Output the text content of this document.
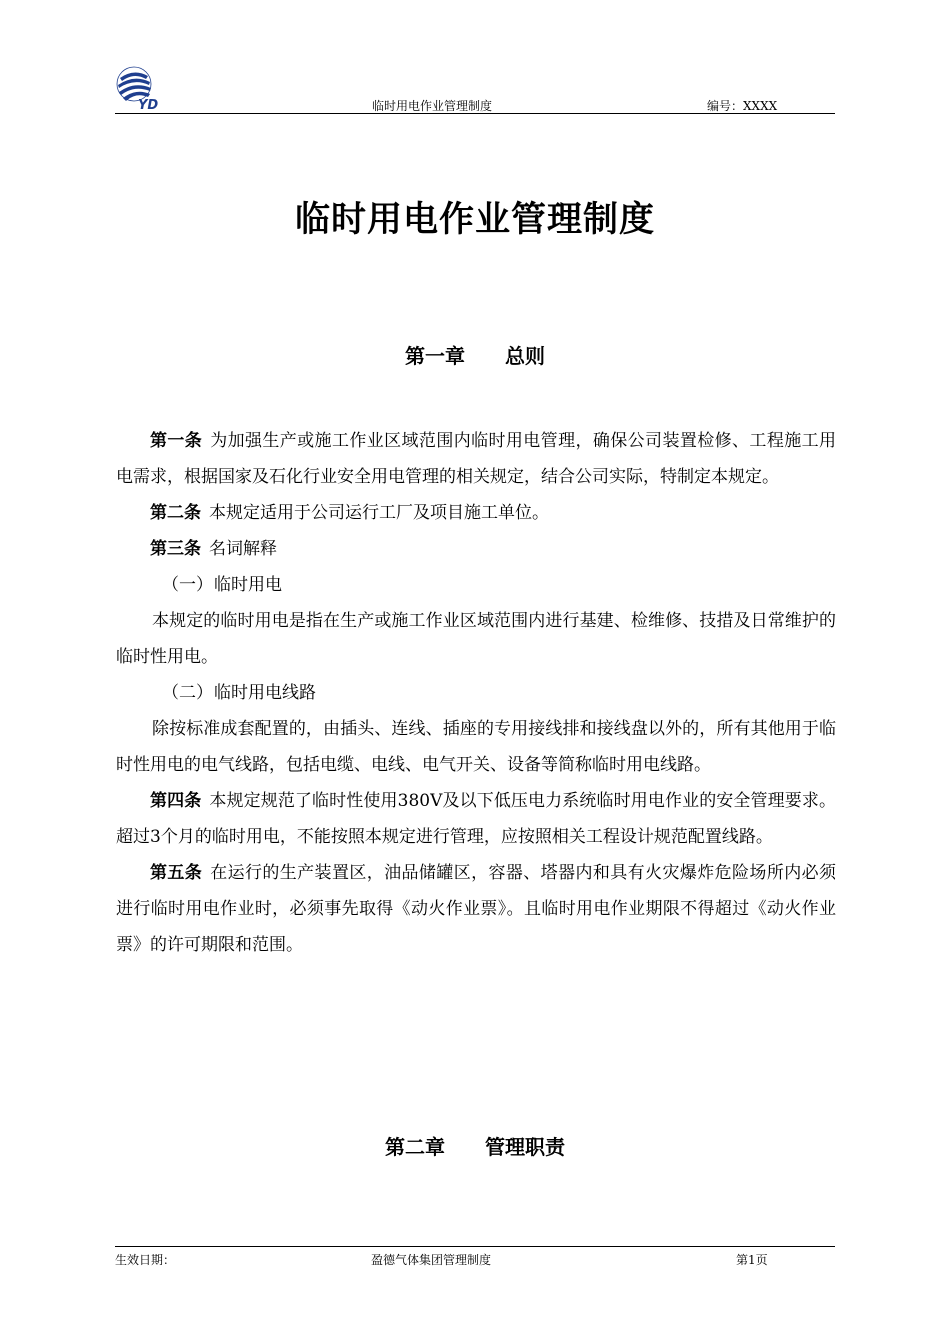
YD	临时用电作业管理制度	编号：XXXX
临时用电作业管理制度
第一章 总则

第一条 为加强生产或施工作业区域范围内临时用电管理，确保公司装置检修、工程施工用电需求，根据国家及石化行业安全用电管理的相关规定，结合公司实际，特制定本规定。

第二条 本规定适用于公司运行工厂及项目施工单位。

第三条 名词解释

（一）临时用电

本规定的临时用电是指在生产或施工作业区域范围内进行基建、检维修、技措及日常维护的临时性用电。

（二）临时用电线路

除按标准成套配置的，由插头、连线、插座的专用接线排和接线盘以外的，所有其他用于临时性用电的电气线路，包括电缆、电线、电气开关、设备等简称临时用电线路。

第四条 本规定规范了临时性使用380V及以下低压电力系统临时用电作业的安全管理要求。超过3个月的临时用电，不能按照本规定进行管理，应按照相关工程设计规范配置线路。

第五条 在运行的生产装置区，油品储罐区，容器、塔器内和具有火灾爆炸危险场所内必须进行临时用电作业时，必须事先取得《动火作业票》。且临时用电作业期限不得超过《动火作业票》的许可期限和范围。

第二章 管理职责
生效日期：	盈德气体集团管理制度	第1页
